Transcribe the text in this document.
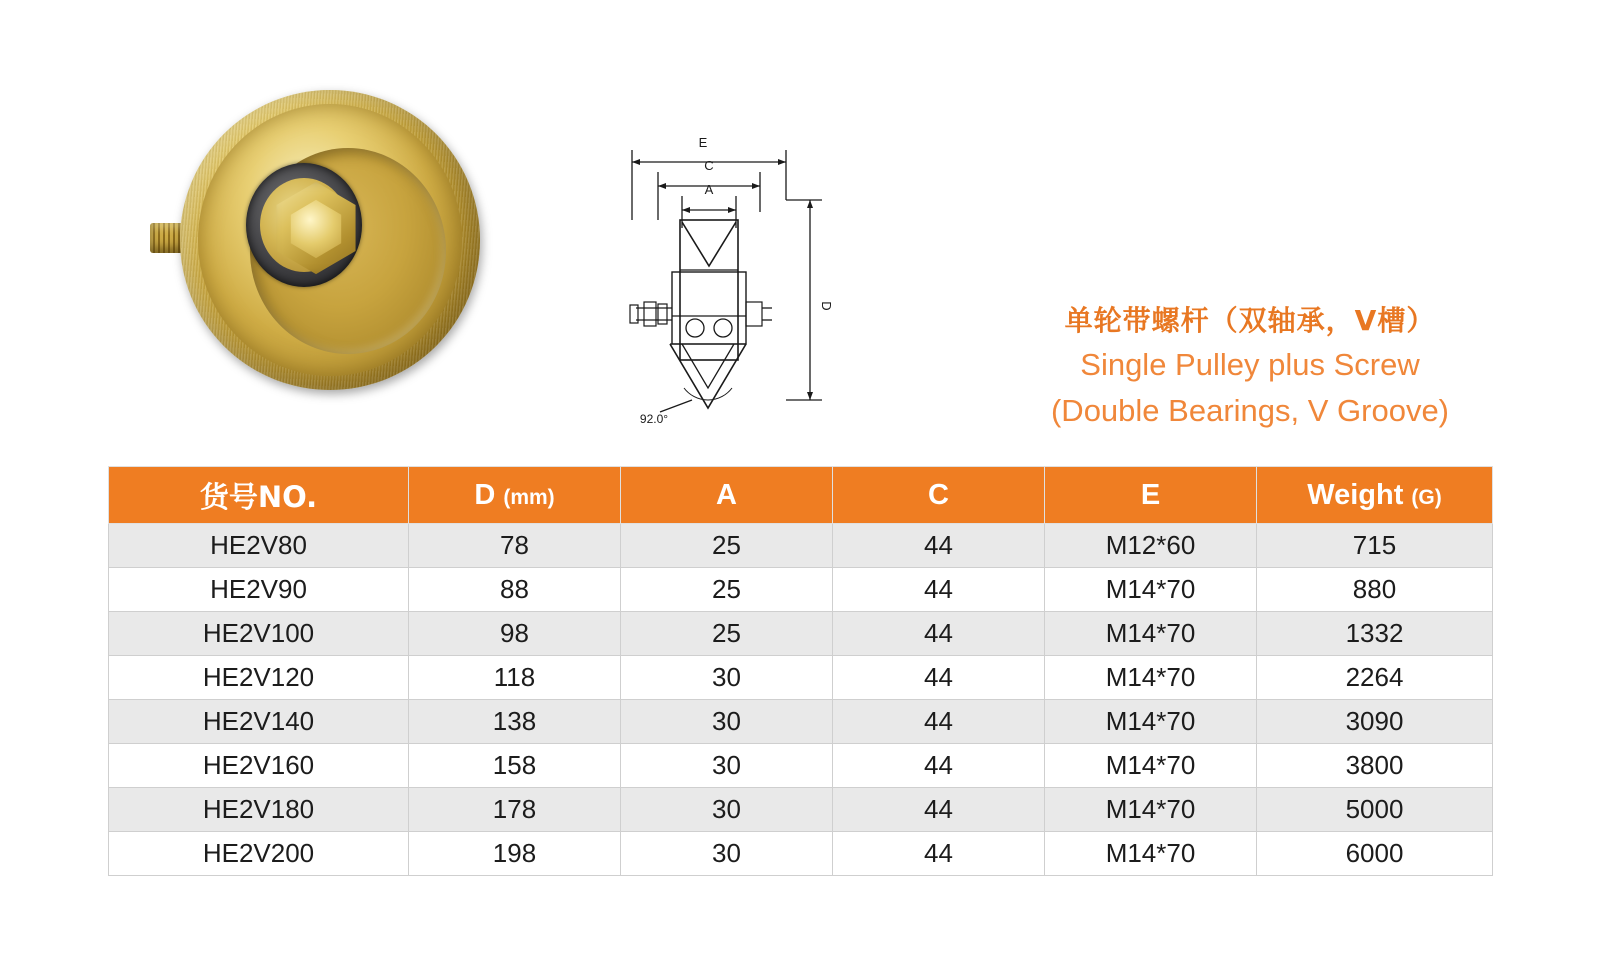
E
C
A
D
92.0°
单轮带螺杆（双轴承，V槽）
Single Pulley plus Screw
(Double Bearings, V Groove)
货号NO.	D (mm)	A	C	E	Weight (G)
HE2V80	78	25	44	M12*60	715
HE2V90	88	25	44	M14*70	880
HE2V100	98	25	44	M14*70	1332
HE2V120	118	30	44	M14*70	2264
HE2V140	138	30	44	M14*70	3090
HE2V160	158	30	44	M14*70	3800
HE2V180	178	30	44	M14*70	5000
HE2V200	198	30	44	M14*70	6000
